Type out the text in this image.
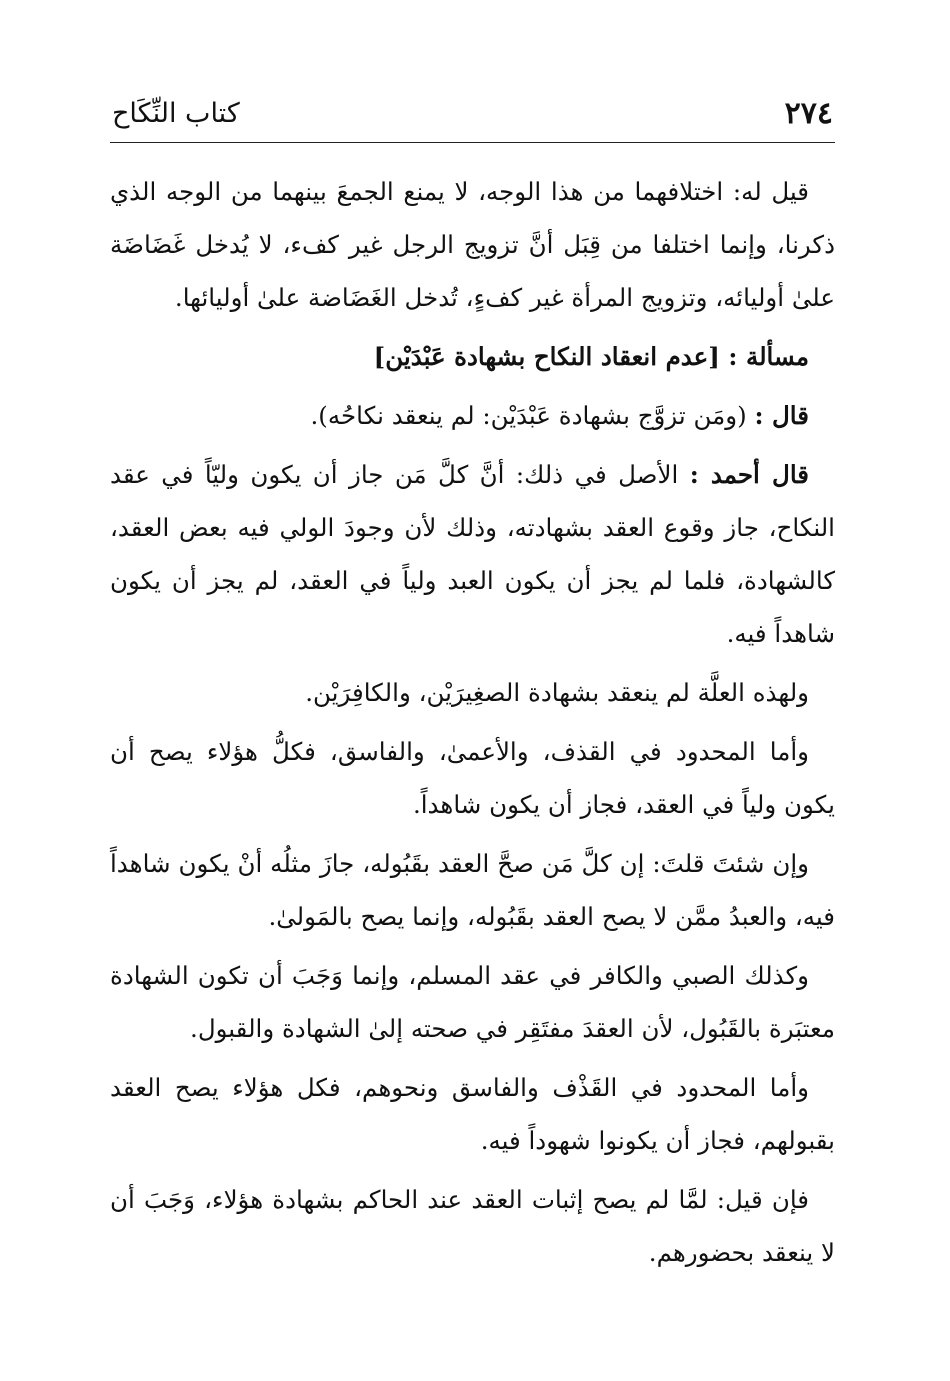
٢٧٤
كتاب النِّكَاح

قيل له: اختلافهما من هذا الوجه، لا يمنع الجمعَ بينهما من الوجه الذي ذكرنا، وإنما اختلفا من قِبَل أنَّ تزويج الرجل غير كفء، لا يُدخل غَضَاضَة علىٰ أوليائه، وتزويج المرأة غير كفءٍ، تُدخل الغَضَاضة علىٰ أوليائها.

مسألة : [عدم انعقاد النكاح بشهادة عَبْدَيْن]

قال : (ومَن تزوَّج بشهادة عَبْدَيْن: لم ينعقد نكاحُه).

قال أحمد : الأصل في ذلك: أنَّ كلَّ مَن جاز أن يكون وليّاً في عقد النكاح، جاز وقوع العقد بشهادته، وذلك لأن وجودَ الولي فيه بعض العقد، كالشهادة، فلما لم يجز أن يكون العبد ولياً في العقد، لم يجز أن يكون شاهداً فيه.

ولهذه العلَّة لم ينعقد بشهادة الصغِيرَيْن، والكافِرَيْن.

وأما المحدود في القذف، والأعمىٰ، والفاسق، فكلُّ هؤلاء يصح أن يكون ولياً في العقد، فجاز أن يكون شاهداً.

وإن شئتَ قلتَ: إن كلَّ مَن صحَّ العقد بقَبُوله، جازَ مثلُه أنْ يكون شاهداً فيه، والعبدُ ممَّن لا يصح العقد بقَبُوله، وإنما يصح بالمَولىٰ.

وكذلك الصبي والكافر في عقد المسلم، وإنما وَجَبَ أن تكون الشهادة معتبَرة بالقَبُول، لأن العقدَ مفتَقِر في صحته إلىٰ الشهادة والقبول.

وأما المحدود في القَذْف والفاسق ونحوهم، فكل هؤلاء يصح العقد بقبولهم، فجاز أن يكونوا شهوداً فيه.

فإن قيل: لمَّا لم يصح إثبات العقد عند الحاكم بشهادة هؤلاء، وَجَبَ أن لا ينعقد بحضورهم.
